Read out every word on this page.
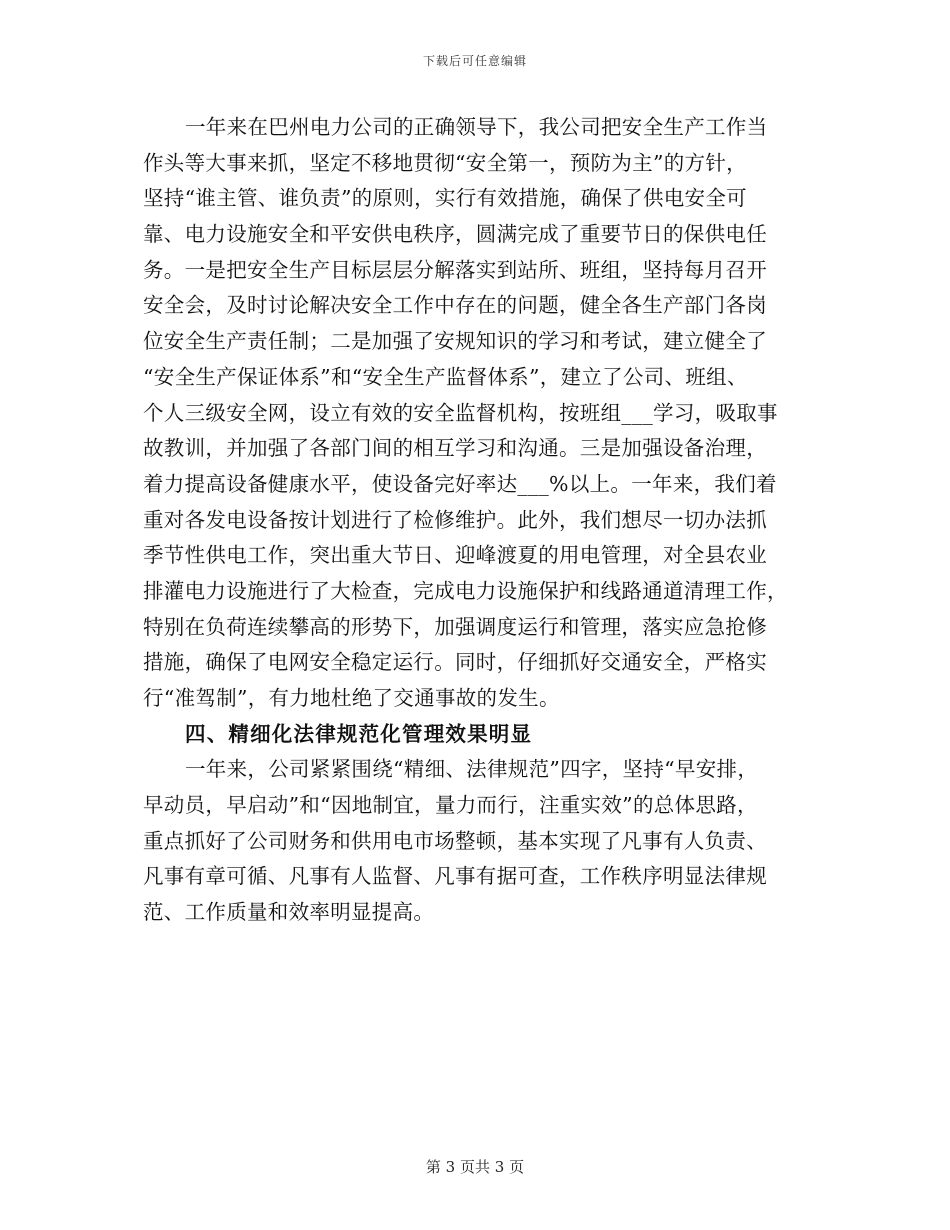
下载后可任意编辑
一年来在巴州电力公司的正确领导下，我公司把安全生产工作当
作头等大事来抓，坚定不移地贯彻“安全第一，预防为主”的方针，
坚持“谁主管、谁负责”的原则，实行有效措施，确保了供电安全可
靠、电力设施安全和平安供电秩序，圆满完成了重要节日的保供电任
务。一是把安全生产目标层层分解落实到站所、班组，坚持每月召开
安全会，及时讨论解决安全工作中存在的问题，健全各生产部门各岗
位安全生产责任制；二是加强了安规知识的学习和考试，建立健全了
“安全生产保证体系”和“安全生产监督体系”，建立了公司、班组、
个人三级安全网，设立有效的安全监督机构，按班组___学习，吸取事
故教训，并加强了各部门间的相互学习和沟通。三是加强设备治理，
着力提高设备健康水平，使设备完好率达___%以上。一年来，我们着
重对各发电设备按计划进行了检修维护。此外，我们想尽一切办法抓
季节性供电工作，突出重大节日、迎峰渡夏的用电管理，对全县农业
排灌电力设施进行了大检查，完成电力设施保护和线路通道清理工作，
特别在负荷连续攀高的形势下，加强调度运行和管理，落实应急抢修
措施，确保了电网安全稳定运行。同时，仔细抓好交通安全，严格实
行“准驾制”，有力地杜绝了交通事故的发生。
四、精细化法律规范化管理效果明显
一年来，公司紧紧围绕“精细、法律规范”四字，坚持“早安排，
早动员，早启动”和“因地制宜，量力而行，注重实效”的总体思路，
重点抓好了公司财务和供用电市场整顿，基本实现了凡事有人负责、
凡事有章可循、凡事有人监督、凡事有据可查，工作秩序明显法律规
范、工作质量和效率明显提高。
第 3 页共 3 页
